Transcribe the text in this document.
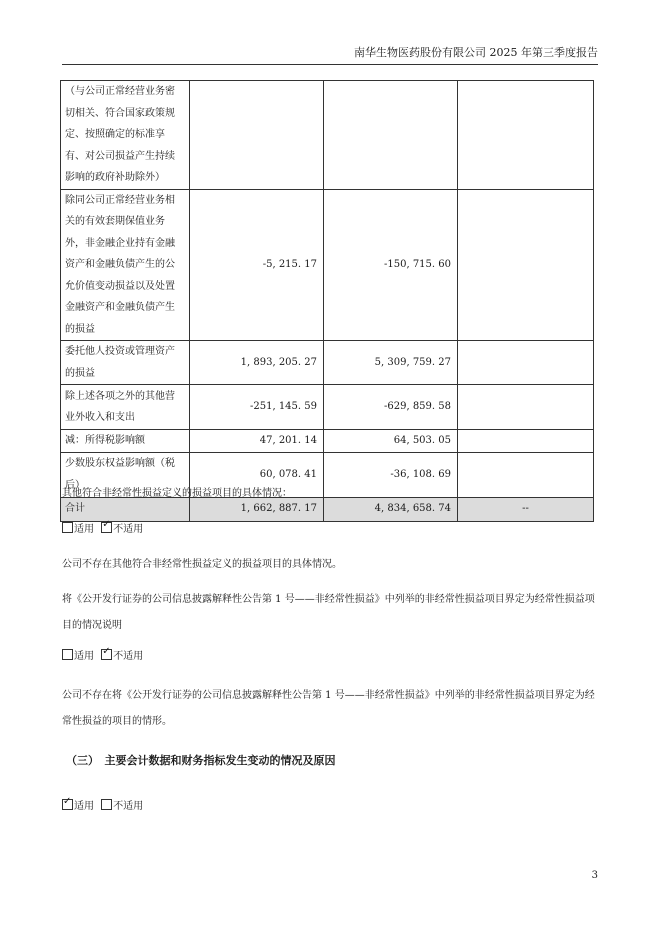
南华生物医药股份有限公司 2025 年第三季度报告
（与公司正常经营业务密切相关、符合国家政策规定、按照确定的标准享有、对公司损益产生持续影响的政府补助除外）			
除同公司正常经营业务相关的有效套期保值业务外，非金融企业持有金融资产和金融负债产生的公允价值变动损益以及处置金融资产和金融负债产生的损益	-5, 215. 17	-150, 715. 60	
委托他人投资或管理资产的损益	1, 893, 205. 27	5, 309, 759. 27	
除上述各项之外的其他营业外收入和支出	-251, 145. 59	-629, 859. 58	
减：所得税影响额	47, 201. 14	64, 503. 05	
少数股东权益影响额（税后）	60, 078. 41	-36, 108. 69	
合计	1, 662, 887. 17	4, 834, 658. 74	--
其他符合非经常性损益定义的损益项目的具体情况：
适用 ✓ 不适用
公司不存在其他符合非经常性损益定义的损益项目的具体情况。
将《公开发行证券的公司信息披露解释性公告第 1 号——非经常性损益》中列举的非经常性损益项目界定为经常性损益项目的情况说明
适用 ✓ 不适用
公司不存在将《公开发行证券的公司信息披露解释性公告第 1 号——非经常性损益》中列举的非经常性损益项目界定为经常性损益的项目的情形。
（三）　主要会计数据和财务指标发生变动的情况及原因
✓适用 不适用
3
